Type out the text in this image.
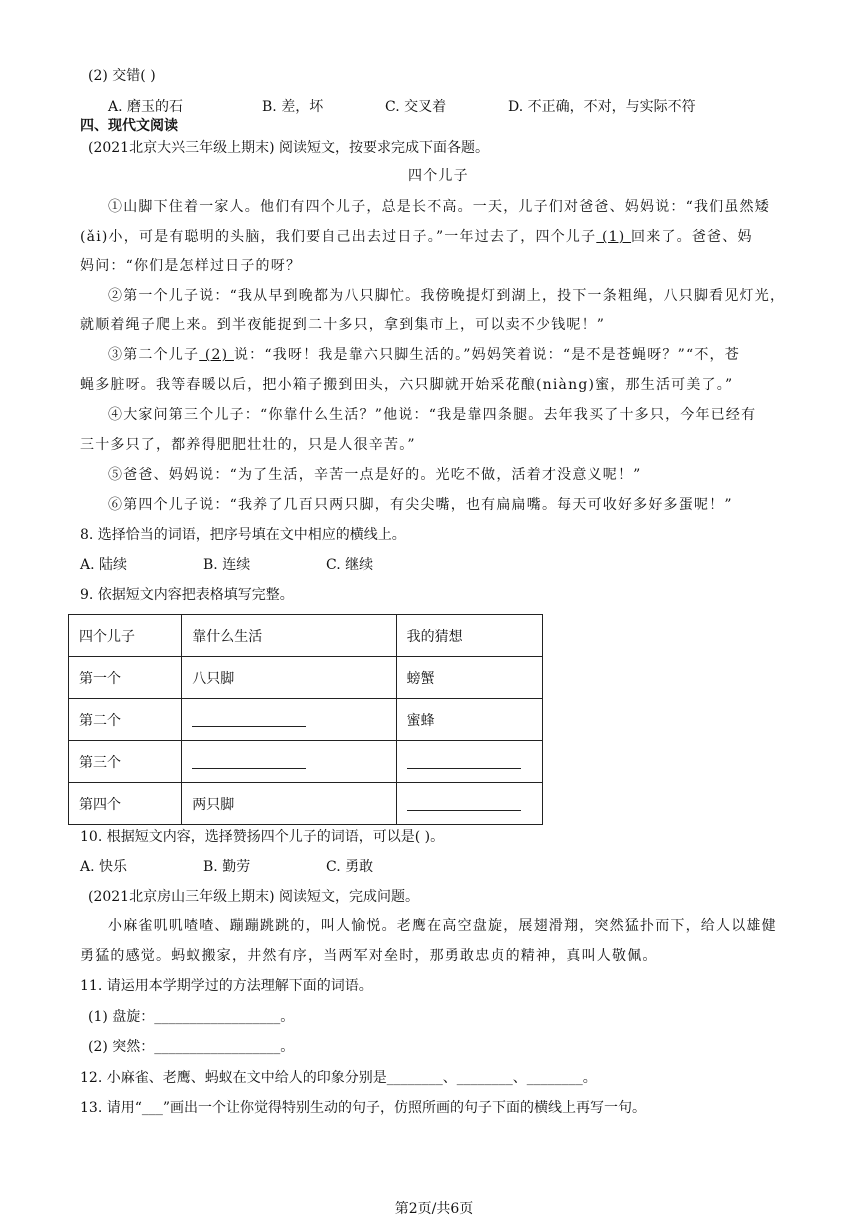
(2) 交错( )
A. 磨玉的石	B. 差，坏	C. 交叉着	D. 不正确，不对，与实际不符
四、现代文阅读
(2021北京大兴三年级上期末) 阅读短文，按要求完成下面各题。
四个儿子
①山脚下住着一家人。他们有四个儿子，总是长不高。一天，儿子们对爸爸、妈妈说：“我们虽然矮
(ǎi)小，可是有聪明的头脑，我们要自己出去过日子。”一年过去了，四个儿子 (1) 回来了。爸爸、妈
妈问：“你们是怎样过日子的呀？
②第一个儿子说：“我从早到晚都为八只脚忙。我傍晚提灯到湖上，投下一条粗绳，八只脚看见灯光，
就顺着绳子爬上来。到半夜能捉到二十多只，拿到集市上，可以卖不少钱呢！”
③第二个儿子 (2) 说：“我呀！我是靠六只脚生活的。”妈妈笑着说：“是不是苍蝇呀？”“不，苍
蝇多脏呀。我等春暖以后，把小箱子搬到田头，六只脚就开始采花酿(niàng)蜜，那生活可美了。”
④大家问第三个儿子：“你靠什么生活？”他说：“我是靠四条腿。去年我买了十多只，今年已经有
三十多只了，都养得肥肥壮壮的，只是人很辛苦。”
⑤爸爸、妈妈说：“为了生活，辛苦一点是好的。光吃不做，活着才没意义呢！”
⑥第四个儿子说：“我养了几百只两只脚，有尖尖嘴，也有扁扁嘴。每天可收好多好多蛋呢！”
8. 选择恰当的词语，把序号填在文中相应的横线上。
A. 陆续	B. 连续	C. 继续
9. 依据短文内容把表格填写完整。
四个儿子	靠什么生活	我的猜想
第一个	八只脚	螃蟹
第二个		蜜蜂
第三个		
第四个	两只脚	
10. 根据短文内容，选择赞扬四个儿子的词语，可以是( )。
A. 快乐	B. 勤劳	C. 勇敢
(2021北京房山三年级上期末) 阅读短文，完成问题。
小麻雀叽叽喳喳、蹦蹦跳跳的，叫人愉悦。老鹰在高空盘旋，展翅滑翔，突然猛扑而下，给人以雄健
勇猛的感觉。蚂蚁搬家，井然有序，当两军对垒时，那勇敢忠贞的精神，真叫人敬佩。
11. 请运用本学期学过的方法理解下面的词语。
(1) 盘旋：__________________。
(2) 突然：__________________。
12. 小麻雀、老鹰、蚂蚁在文中给人的印象分别是________、________、________。
13. 请用“___”画出一个让你觉得特别生动的句子，仿照所画的句子下面的横线上再写一句。
第2页/共6页
